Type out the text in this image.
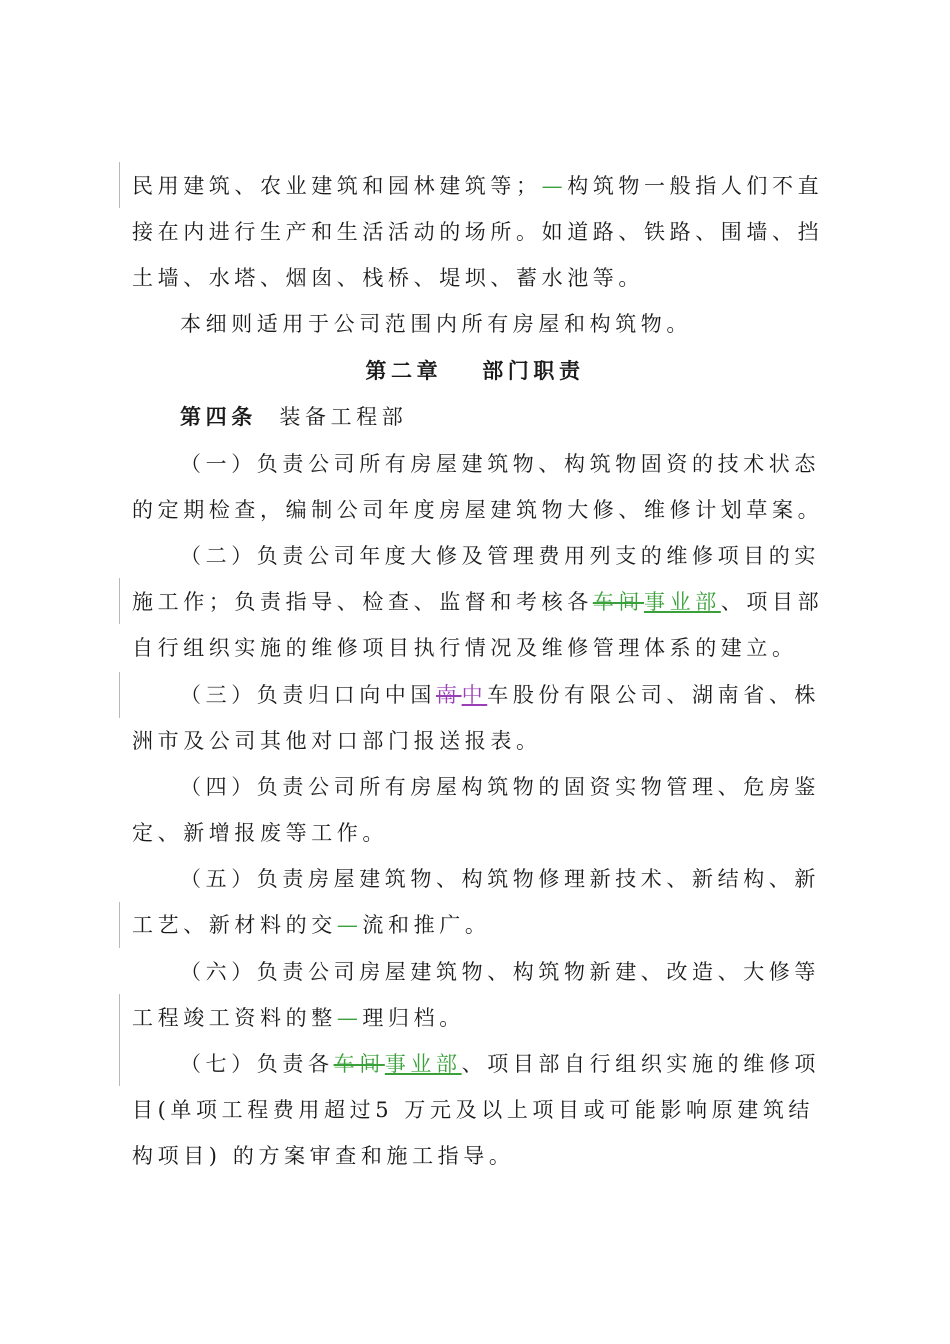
民用建筑、农业建筑和园林建筑等；—构筑物一般指人们不直
接在内进行生产和生活活动的场所。如道路、铁路、围墙、挡
土墙、水塔、烟囱、栈桥、堤坝、蓄水池等。
本细则适用于公司范围内所有房屋和构筑物。
第二章 部门职责
第四条 装备工程部
（一）负责公司所有房屋建筑物、构筑物固资的技术状态
的定期检查，编制公司年度房屋建筑物大修、维修计划草案。
（二）负责公司年度大修及管理费用列支的维修项目的实
施工作；负责指导、检查、监督和考核各车间事业部、项目部
自行组织实施的维修项目执行情况及维修管理体系的建立。
（三）负责归口向中国南中车股份有限公司、湖南省、株
洲市及公司其他对口部门报送报表。
（四）负责公司所有房屋构筑物的固资实物管理、危房鉴
定、新增报废等工作。
（五）负责房屋建筑物、构筑物修理新技术、新结构、新
工艺、新材料的交—流和推广。
（六）负责公司房屋建筑物、构筑物新建、改造、大修等
工程竣工资料的整—理归档。
（七）负责各车间事业部、项目部自行组织实施的维修项
目(单项工程费用超过5 万元及以上项目或可能影响原建筑结
构项目) 的方案审查和施工指导。
